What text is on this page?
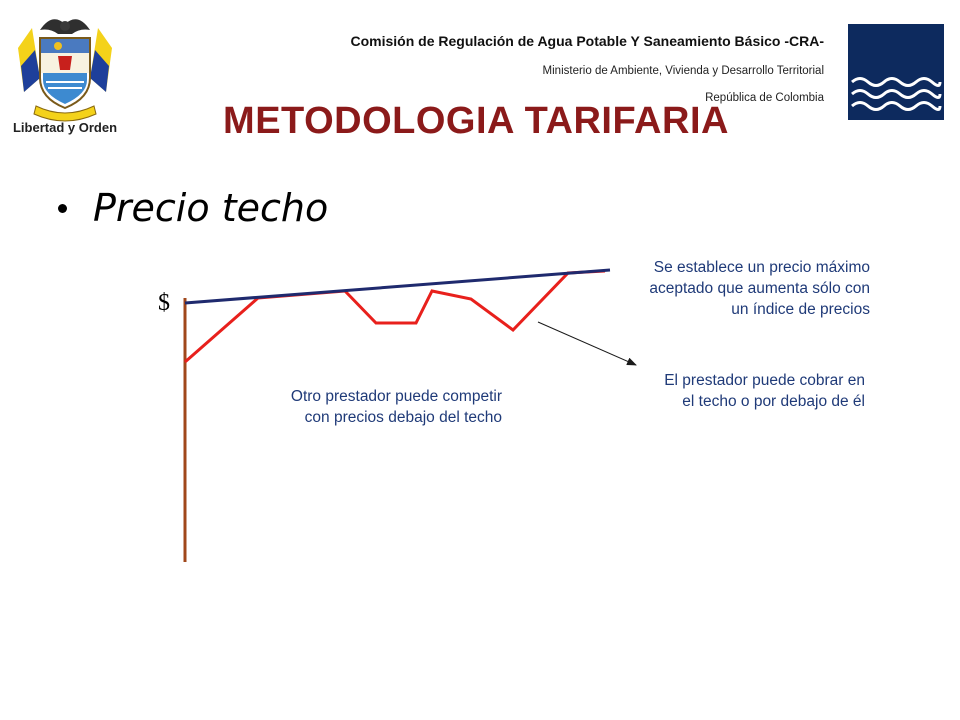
Libertad y Orden
Comisión de Regulación de Agua Potable Y Saneamiento Básico -CRA-
Ministerio de Ambiente, Vivienda y Desarrollo Territorial
República de Colombia
METODOLOGIA TARIFARIA
Precio techo
$
Se establece un precio máximo
aceptado que aumenta sólo con
un índice de precios
El prestador puede cobrar en
el techo o por debajo de él
Otro prestador puede competir
con precios debajo del techo
